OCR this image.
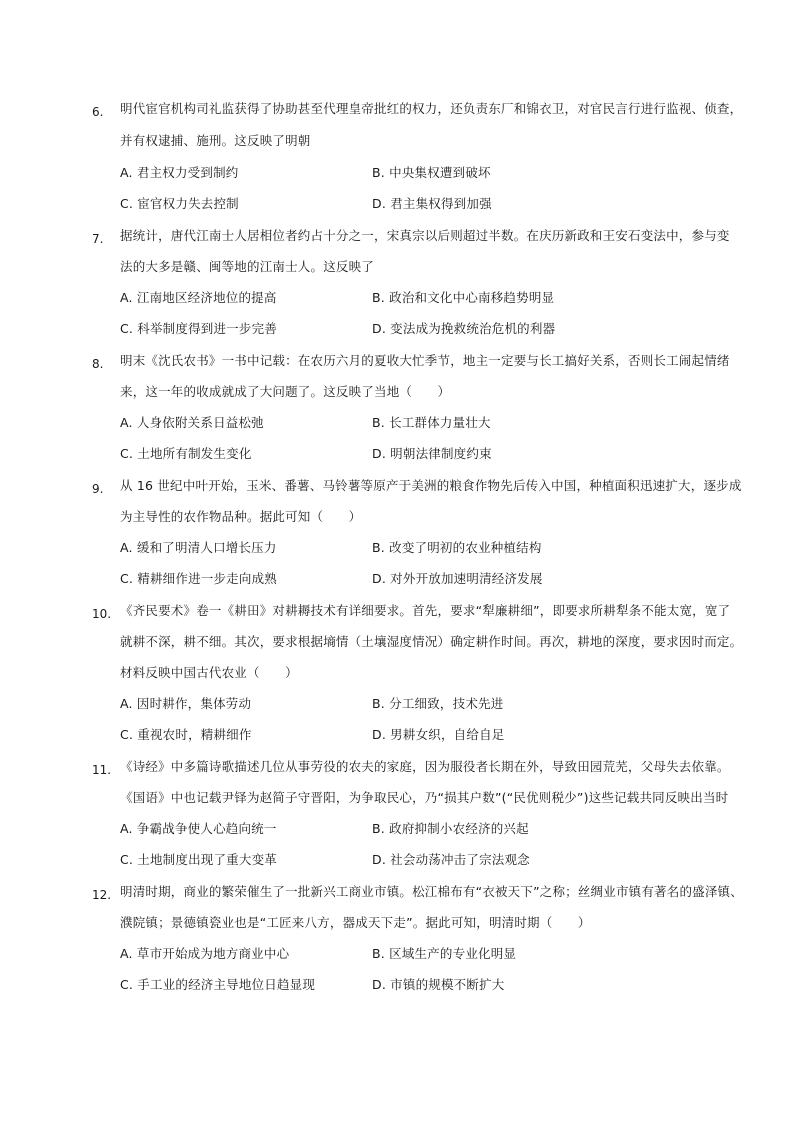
6. 明代宦官机构司礼监获得了协助甚至代理皇帝批红的权力，还负责东厂和锦衣卫，对官民言行进行监视、侦查，
并有权逮捕、施刑。这反映了明朝
A. 君主权力受到制约	B. 中央集权遭到破坏
C. 宦官权力失去控制	D. 君主集权得到加强
7. 据统计，唐代江南士人居相位者约占十分之一，宋真宗以后则超过半数。在庆历新政和王安石变法中，参与变
法的大多是赣、闽等地的江南士人。这反映了
A. 江南地区经济地位的提高	B. 政治和文化中心南移趋势明显
C. 科举制度得到进一步完善	D. 变法成为挽救统治危机的利器
8. 明末《沈氏农书》一书中记载：在农历六月的夏收大忙季节，地主一定要与长工搞好关系，否则长工闹起情绪
来，这一年的收成就成了大问题了。这反映了当地（　　）
A. 人身依附关系日益松弛	B. 长工群体力量壮大
C. 土地所有制发生变化	D. 明朝法律制度约束
9. 从 16 世纪中叶开始，玉米、番薯、马铃薯等原产于美洲的粮食作物先后传入中国，种植面积迅速扩大，逐步成
为主导性的农作物品种。据此可知（　　）
A. 缓和了明清人口增长压力	B. 改变了明初的农业种植结构
C. 精耕细作进一步走向成熟	D. 对外开放加速明清经济发展
10. 《齐民要术》卷一《耕田》对耕耨技术有详细要求。首先，要求“犁廉耕细”，即要求所耕犁条不能太宽，宽了
就耕不深，耕不细。其次，要求根据墒情（土壤湿度情况）确定耕作时间。再次，耕地的深度，要求因时而定。
材料反映中国古代农业（　　）
A. 因时耕作，集体劳动	B. 分工细致，技术先进
C. 重视农时，精耕细作	D. 男耕女织，自给自足
11. 《诗经》中多篇诗歌描述几位从事劳役的农夫的家庭，因为服役者长期在外，导致田园荒芜，父母失去依靠。
《国语》中也记载尹铎为赵简子守晋阳，为争取民心，乃“损其户数”(“民优则税少”)这些记载共同反映出当时
A. 争霸战争使人心趋向统一	B. 政府抑制小农经济的兴起
C. 土地制度出现了重大变革	D. 社会动荡冲击了宗法观念
12. 明清时期，商业的繁荣催生了一批新兴工商业市镇。松江棉布有“衣被天下”之称；丝绸业市镇有著名的盛泽镇、
濮院镇；景德镇瓷业也是“工匠来八方，器成天下走”。据此可知，明清时期（　　）
A. 草市开始成为地方商业中心	B. 区域生产的专业化明显
C. 手工业的经济主导地位日趋显现	D. 市镇的规模不断扩大
